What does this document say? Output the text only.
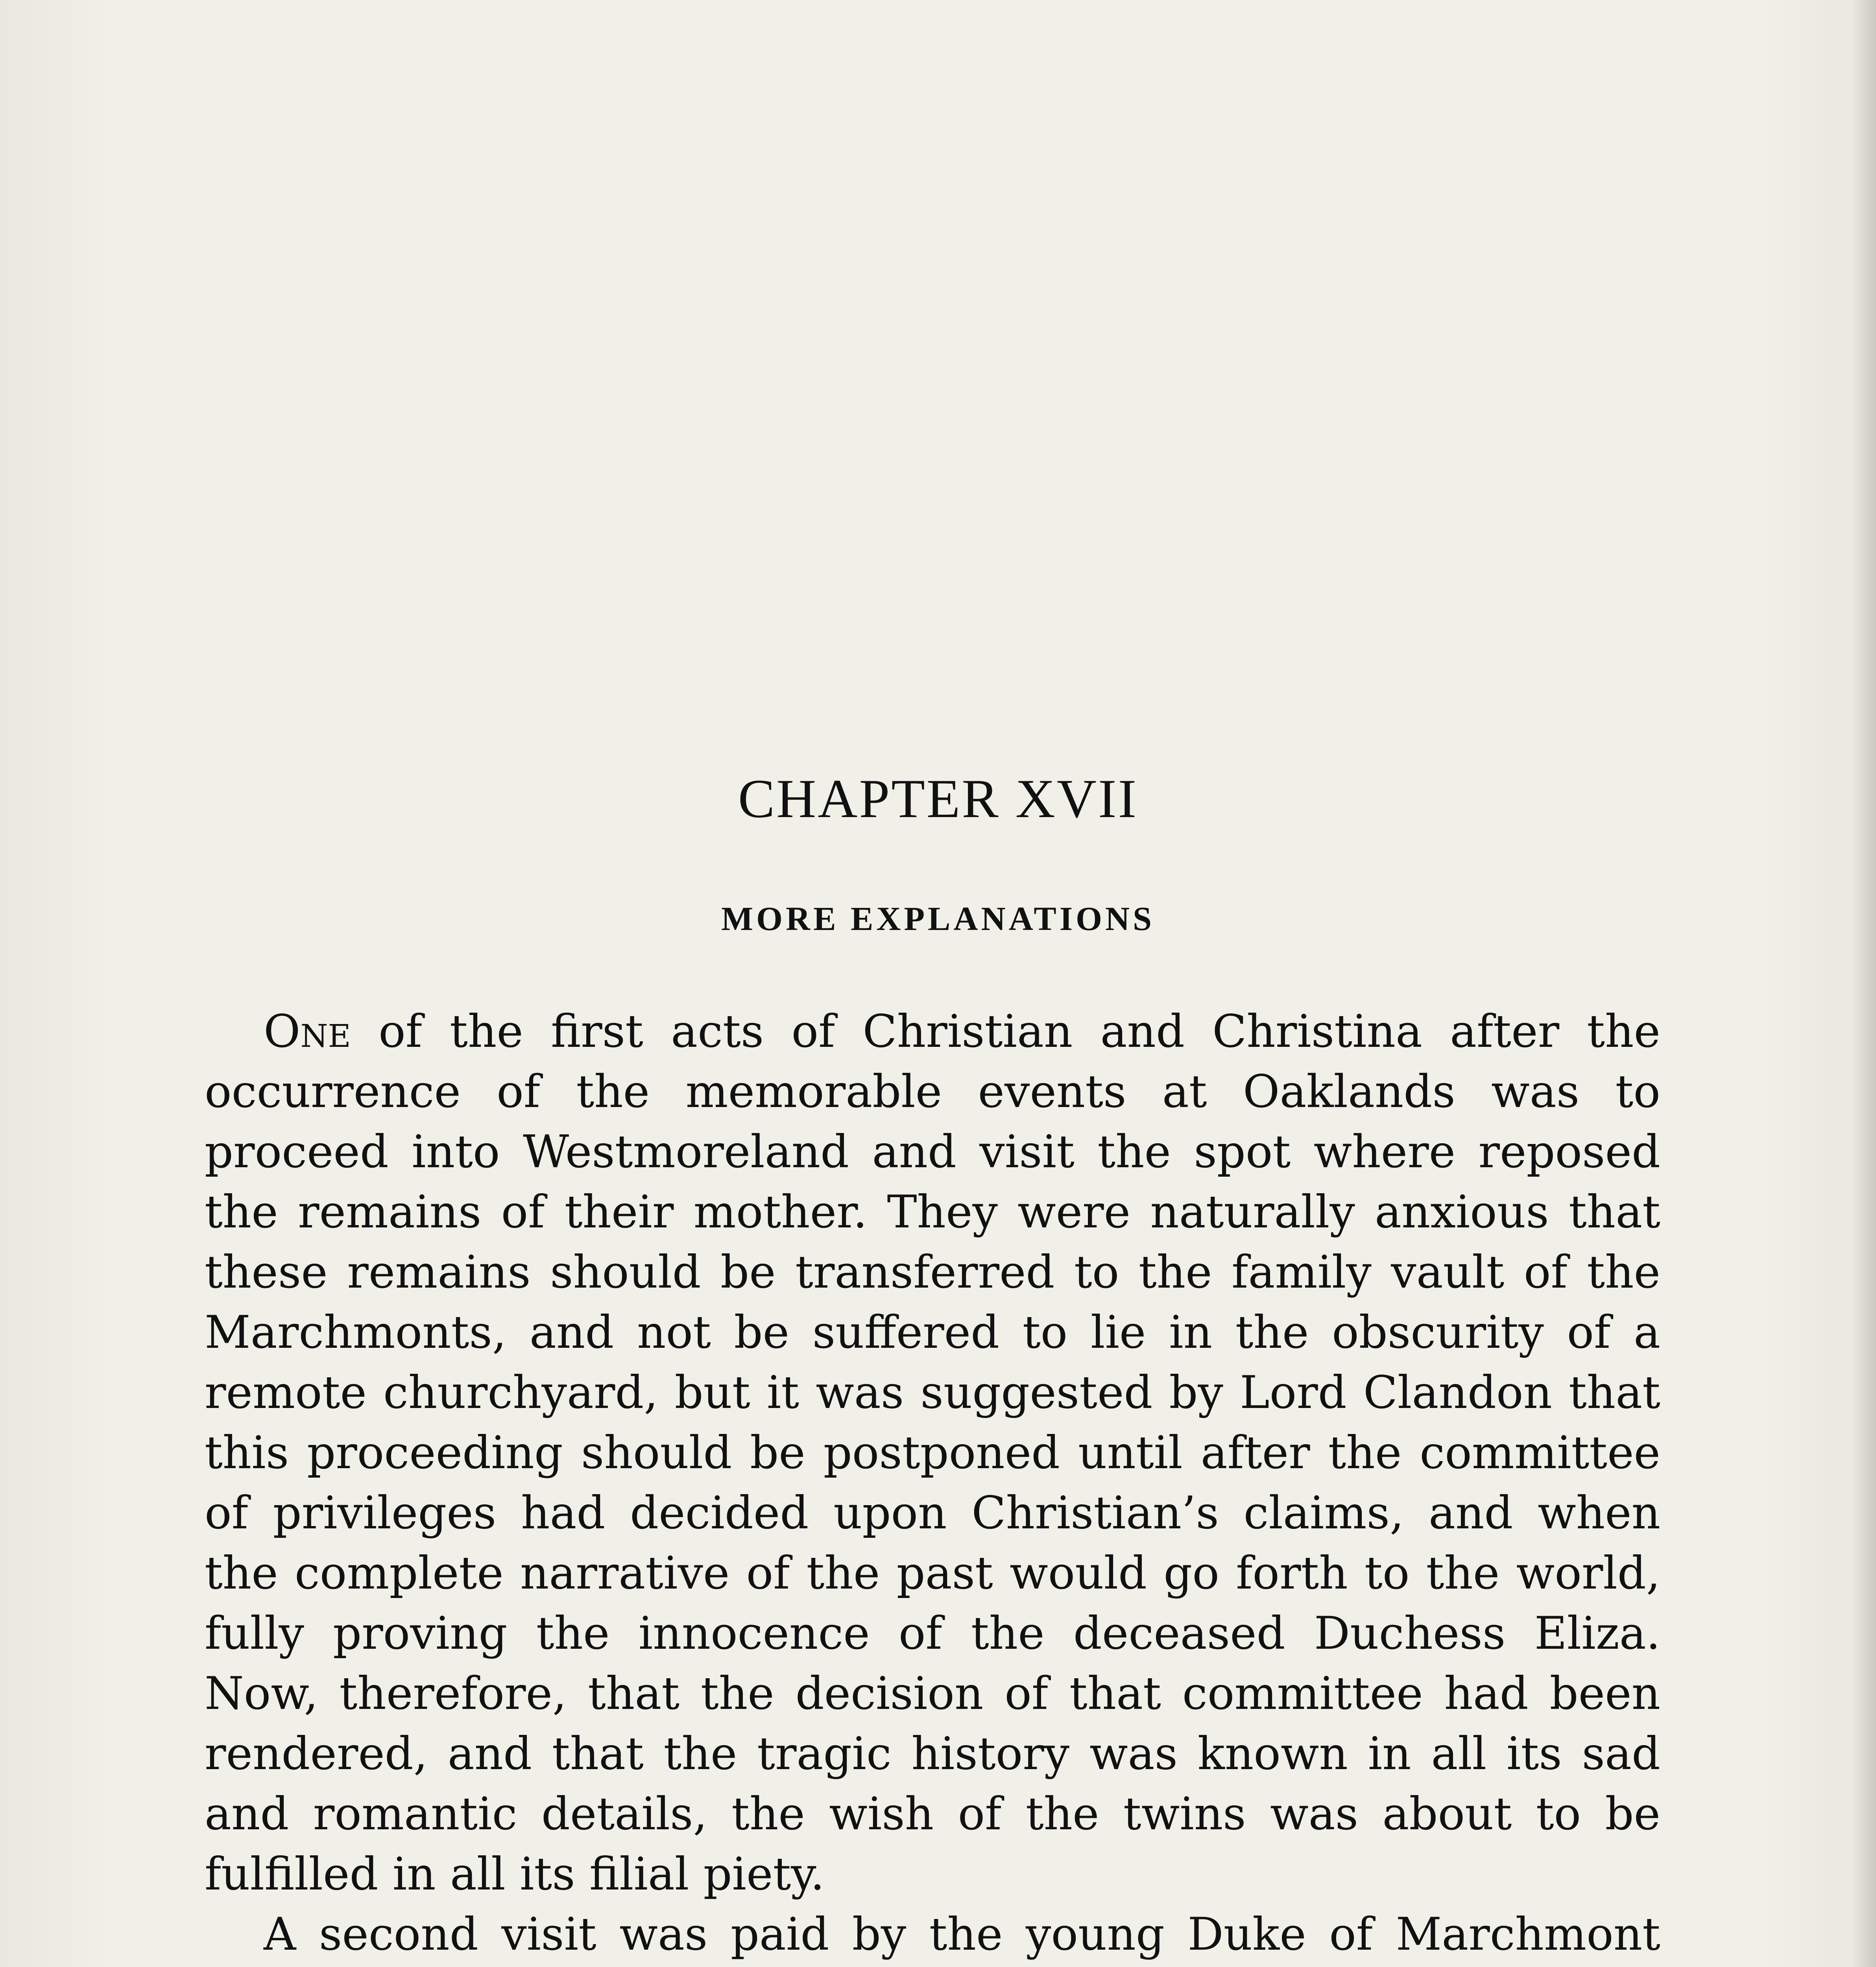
CHAPTER XVII
MORE EXPLANATIONS

One of the first acts of Christian and Christina after the occurrence of the memorable events at Oaklands was to proceed into Westmoreland and visit the spot where reposed the remains of their mother. They were naturally anxious that these remains should be transferred to the family vault of the Marchmonts, and not be suffered to lie in the obscurity of a remote churchyard, but it was suggested by Lord Clandon that this proceeding should be postponed until after the committee of privileges had decided upon Christian’s claims, and when the complete narrative of the past would go forth to the world, fully proving the innocence of the deceased Duchess Eliza. Now, therefore, that the decision of that committee had been rendered, and that the tragic history was known in all its sad and romantic details, the wish of the twins was about to be fulfilled in all its filial piety.

A second visit was paid by the young Duke of Marchmont
